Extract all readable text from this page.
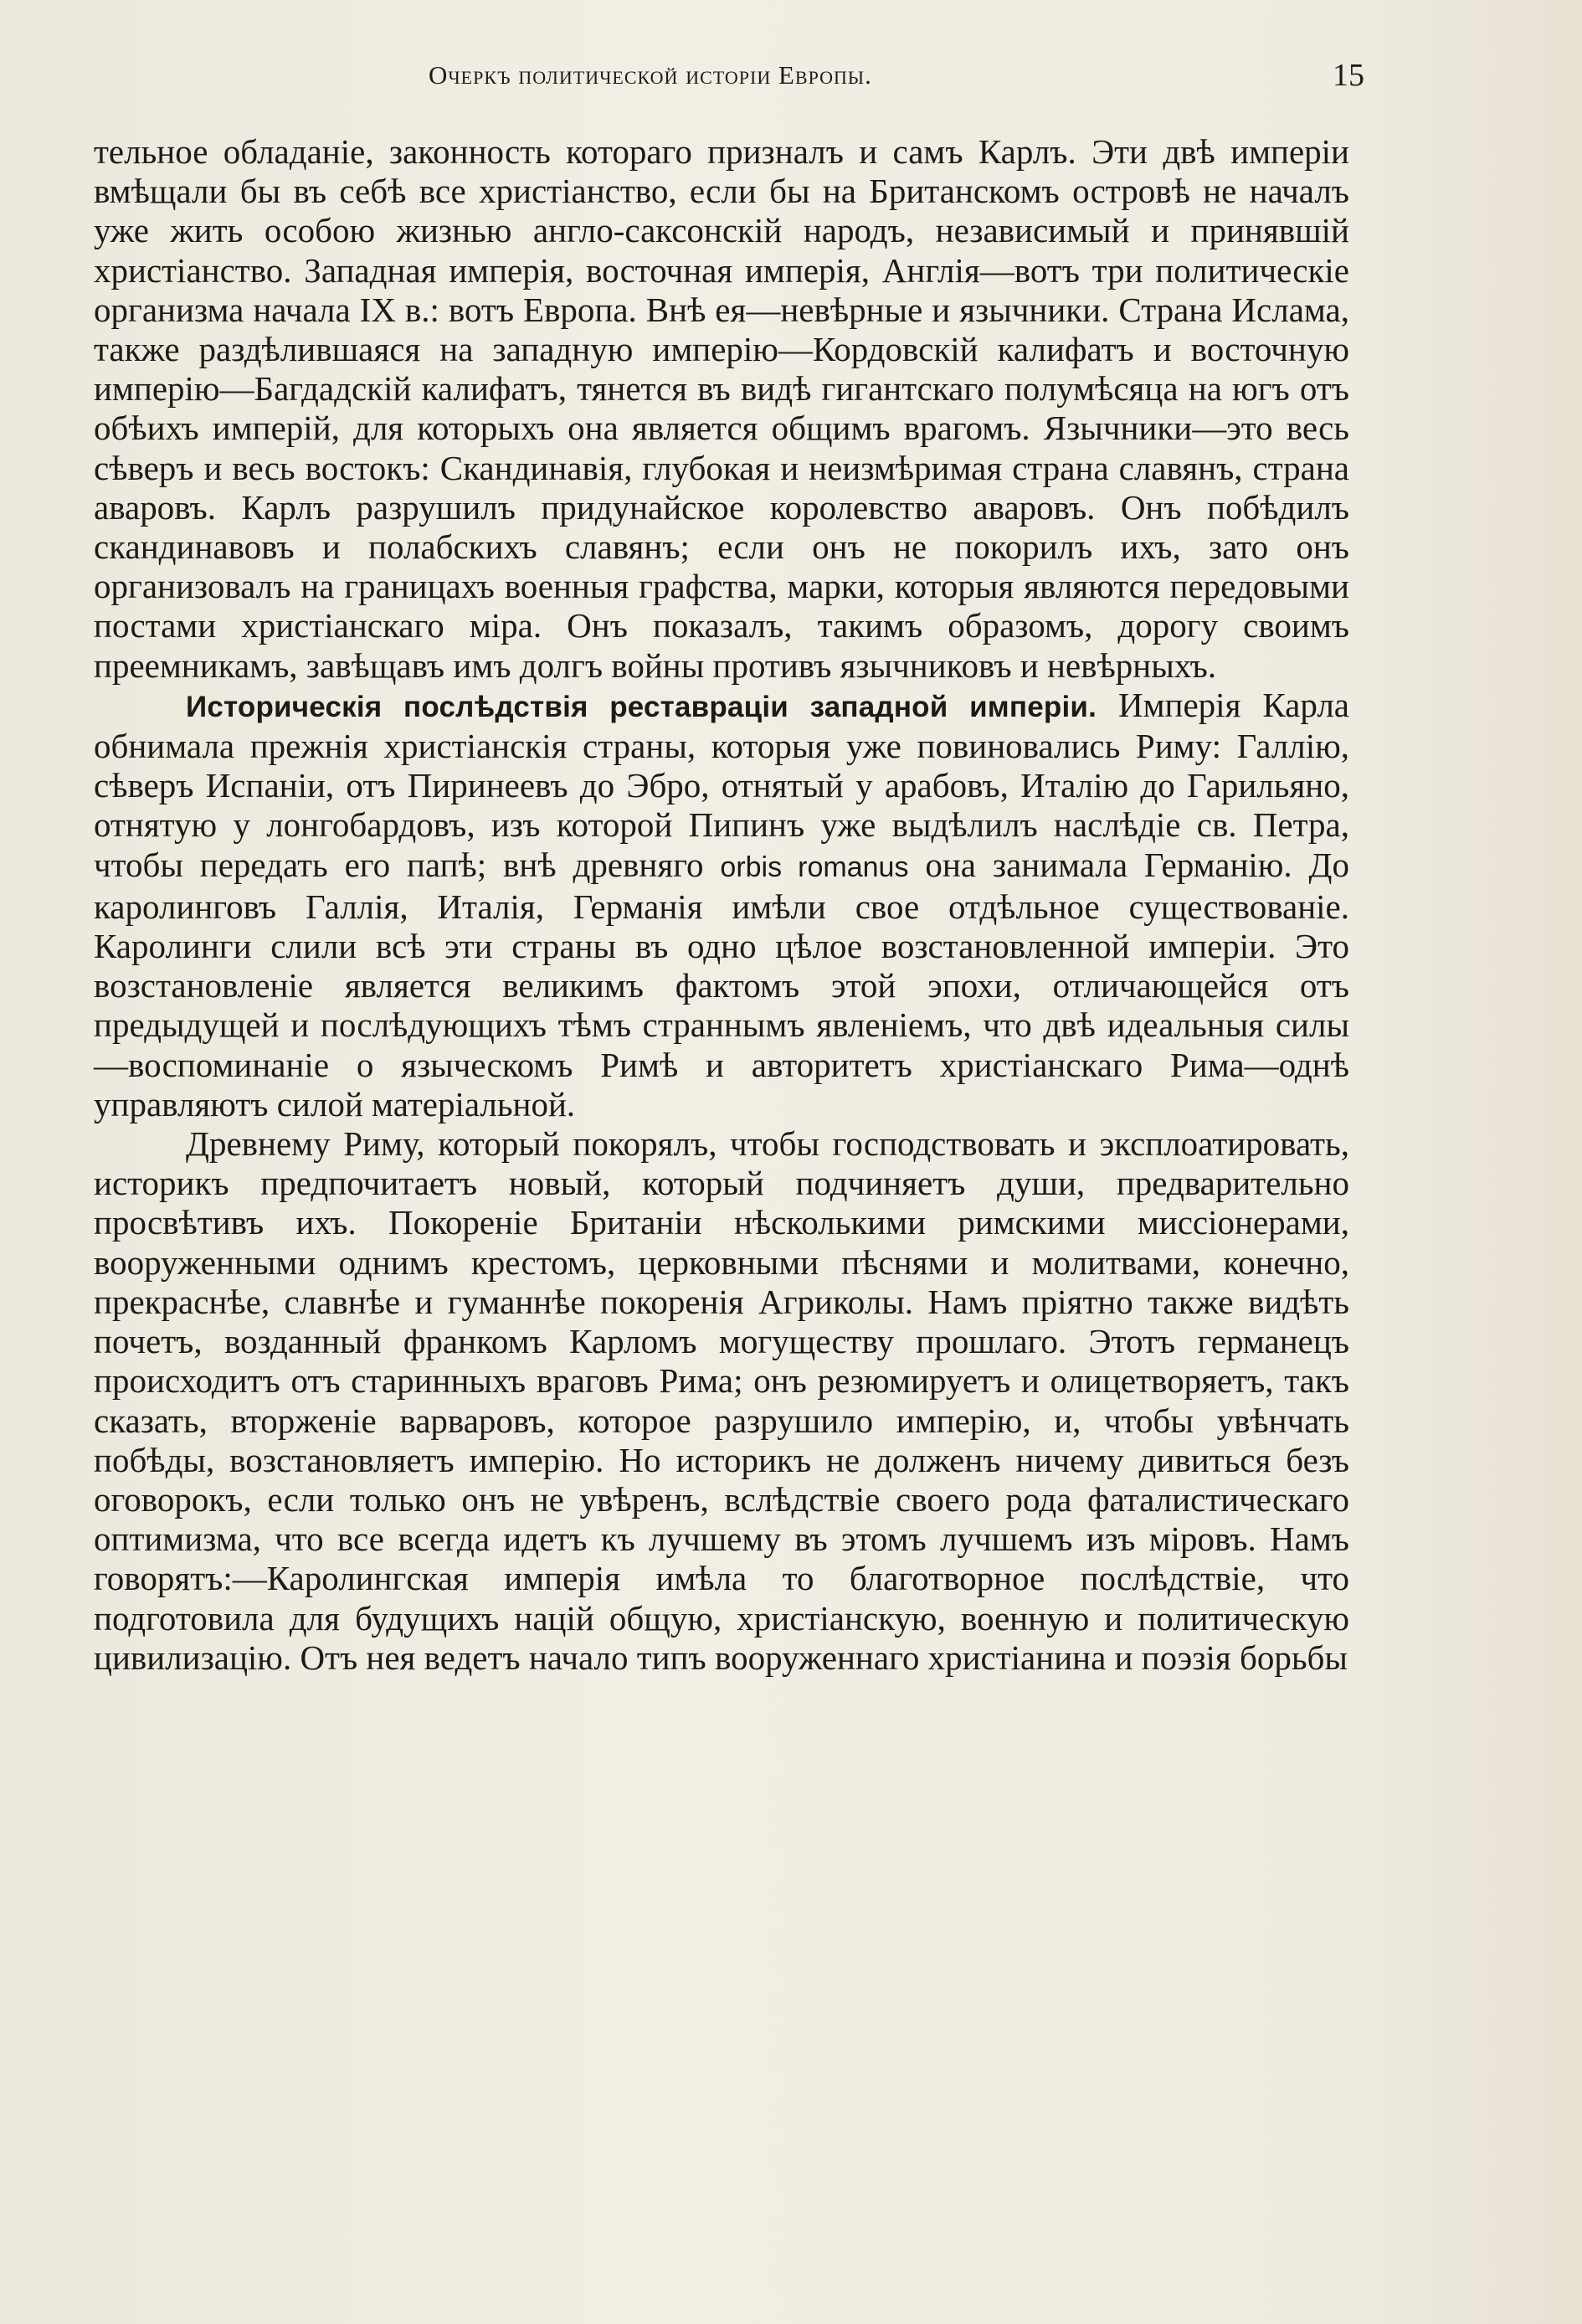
Очеркъ политической исторіи Европы.	15

тельное обладаніе, законность котораго призналъ и самъ Карлъ. Эти двѣ имперіи вмѣщали бы въ себѣ все христіанство, если бы на Британскомъ островѣ не началъ уже жить особою жизнью англо-саксонскій народъ, независимый и принявшій христіанство. Западная имперія, восточная имперія, Англія—вотъ три политическіе организма начала IX в.: вотъ Европа. Внѣ ея—невѣрные и язычники. Страна Ислама, также раздѣлившаяся на западную имперію—Кордовскій калифатъ и восточную имперію—Багдадскій калифатъ, тянется въ видѣ гигантскаго полумѣсяца на югъ отъ обѣихъ имперій, для которыхъ она является общимъ врагомъ. Язычники—это весь сѣверъ и весь востокъ: Скандинавія, глубокая и неизмѣримая страна славянъ, страна аваровъ. Карлъ разрушилъ придунайское королевство аваровъ. Онъ побѣдилъ скандинавовъ и полабскихъ славянъ; если онъ не покорилъ ихъ, зато онъ организовалъ на границахъ военныя графства, марки, которыя являются передовыми постами христіанскаго міра. Онъ показалъ, такимъ образомъ, дорогу своимъ преемникамъ, завѣщавъ имъ долгъ войны противъ язычниковъ и невѣрныхъ.

Историческія послѣдствія реставраціи западной имперіи. Имперія Карла обнимала прежнія христіанскія страны, которыя уже повиновались Риму: Галлію, сѣверъ Испаніи, отъ Пиринеевъ до Эбро, отнятый у арабовъ, Италію до Гарильяно, отнятую у лонгобардовъ, изъ которой Пипинъ уже выдѣлилъ наслѣдіе св. Петра, чтобы передать его папѣ; внѣ древняго orbis romanus она занимала Германію. До каролинговъ Галлія, Италія, Германія имѣли свое отдѣльное существованіе. Каролинги слили всѣ эти страны въ одно цѣлое возстановленной имперіи. Это возстановленіе является великимъ фактомъ этой эпохи, отличающейся отъ предыдущей и послѣдующихъ тѣмъ страннымъ явленіемъ, что двѣ идеальныя силы—воспоминаніе о языческомъ Римѣ и авторитетъ христіанскаго Рима—однѣ управляютъ силой матеріальной.

Древнему Риму, который покорялъ, чтобы господствовать и эксплоатировать, историкъ предпочитаетъ новый, который подчиняетъ души, предварительно просвѣтивъ ихъ. Покореніе Британіи нѣсколькими римскими миссіонерами, вооруженными однимъ крестомъ, церковными пѣснями и молитвами, конечно, прекраснѣе, славнѣе и гуманнѣе покоренія Агриколы. Намъ пріятно также видѣть почетъ, возданный франкомъ Карломъ могуществу прошлаго. Этотъ германецъ происходитъ отъ старинныхъ враговъ Рима; онъ резюмируетъ и олицетворяетъ, такъ сказать, вторженіе варваровъ, которое разрушило имперію, и, чтобы увѣнчать побѣды, возстановляетъ имперію. Но историкъ не долженъ ничему дивиться безъ оговорокъ, если только онъ не увѣренъ, вслѣдствіе своего рода фаталистическаго оптимизма, что все всегда идетъ къ лучшему въ этомъ лучшемъ изъ міровъ. Намъ говорятъ:—Каролингская имперія имѣла то благотворное послѣдствіе, что подготовила для будущихъ націй общую, христіанскую, военную и политическую цивилизацію. Отъ нея ведетъ начало типъ вооруженнаго христіанина и поэзія борьбы
